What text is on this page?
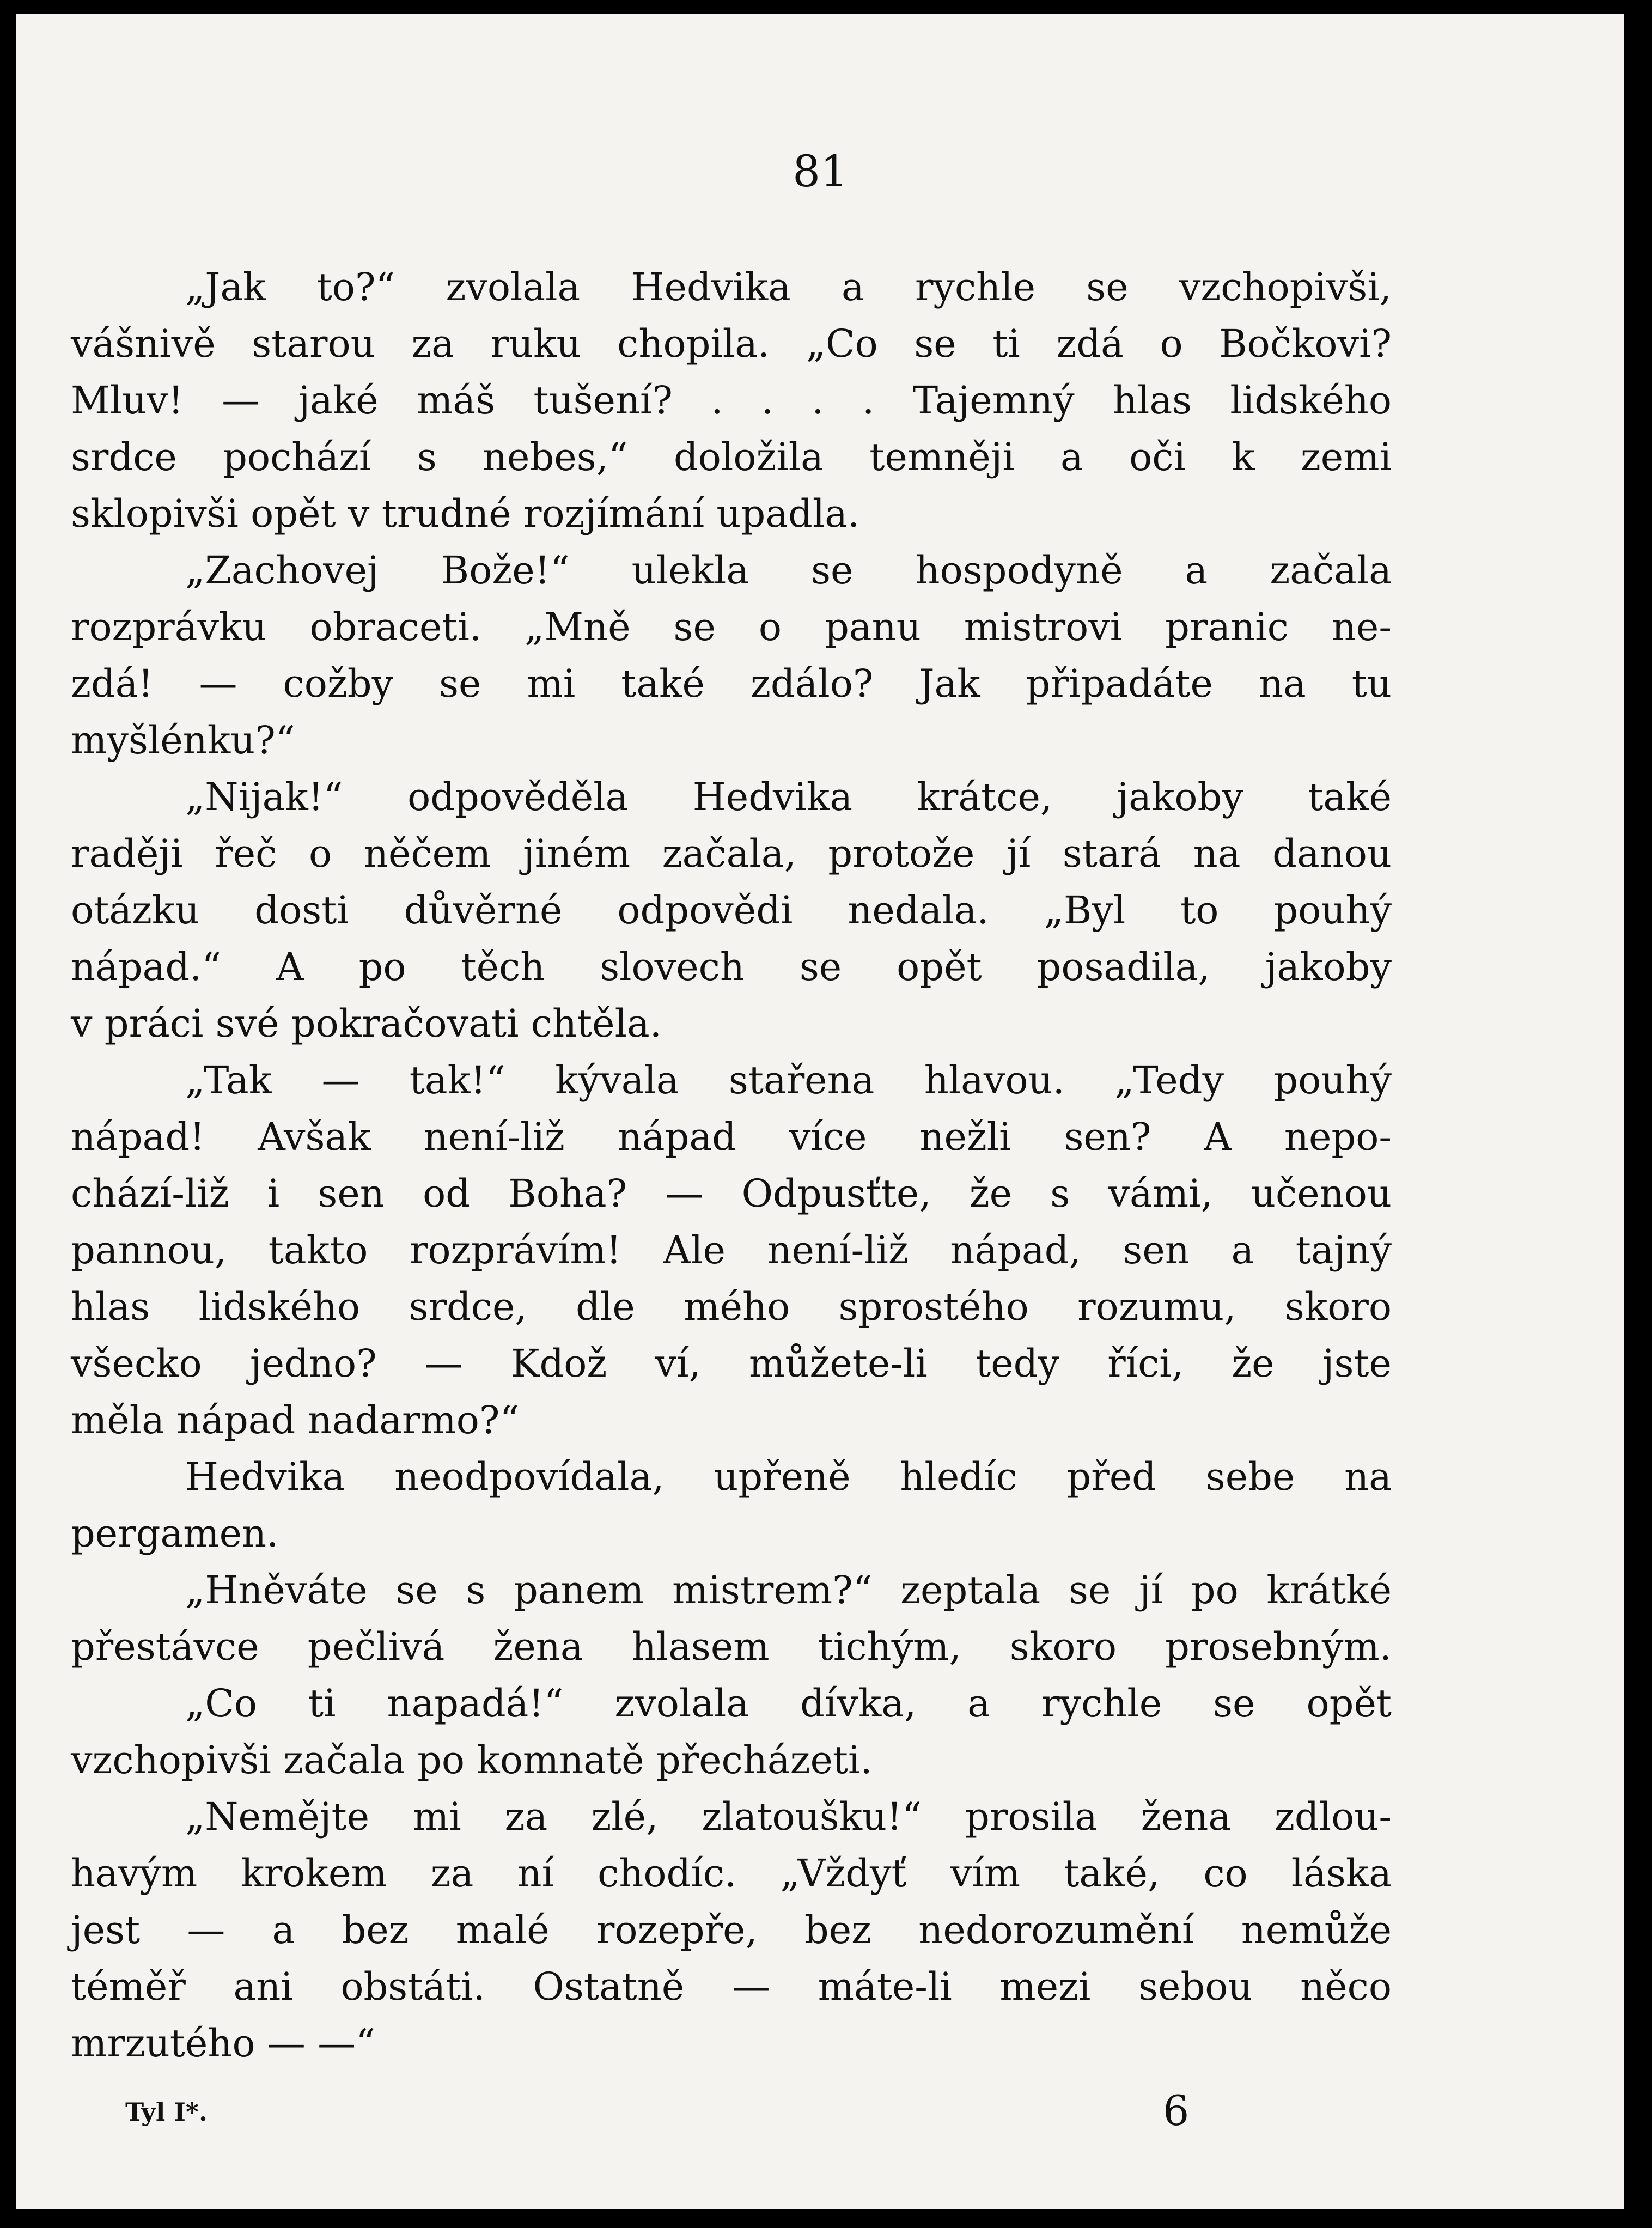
81
„Jak to?“ zvolala Hedvika a rychle se vzchopivši,
vášnivě starou za ruku chopila. „Co se ti zdá o Bočkovi?
Mluv! — jaké máš tušení? . . . . Tajemný hlas lidského
srdce pochází s nebes,“ doložila temněji a oči k zemi
sklopivši opět v trudné rozjímání upadla.
„Zachovej Bože!“ ulekla se hospodyně a začala
rozprávku obraceti. „Mně se o panu mistrovi pranic ne-
zdá! — cožby se mi také zdálo? Jak připadáte na tu
myšlénku?“
„Nijak!“ odpověděla Hedvika krátce, jakoby také
raději řeč o něčem jiném začala, protože jí stará na danou
otázku dosti důvěrné odpovědi nedala. „Byl to pouhý
nápad.“ A po těch slovech se opět posadila, jakoby
v práci své pokračovati chtěla.
„Tak — tak!“ kývala stařena hlavou. „Tedy pouhý
nápad! Avšak není-liž nápad více nežli sen? A nepo-
chází-liž i sen od Boha? — Odpusťte, že s vámi, učenou
pannou, takto rozprávím! Ale není-liž nápad, sen a tajný
hlas lidského srdce, dle mého sprostého rozumu, skoro
všecko jedno? — Kdož ví, můžete-li tedy říci, že jste
měla nápad nadarmo?“
Hedvika neodpovídala, upřeně hledíc před sebe na
pergamen.
„Hněváte se s panem mistrem?“ zeptala se jí po krátké
přestávce pečlivá žena hlasem tichým, skoro prosebným.
„Co ti napadá!“ zvolala dívka, a rychle se opět
vzchopivši začala po komnatě přecházeti.
„Nemějte mi za zlé, zlatoušku!“ prosila žena zdlou-
havým krokem za ní chodíc. „Vždyť vím také, co láska
jest — a bez malé rozepře, bez nedorozumění nemůže
téměř ani obstáti. Ostatně — máte-li mezi sebou něco
mrzutého — —“
Tyl I*.	6
